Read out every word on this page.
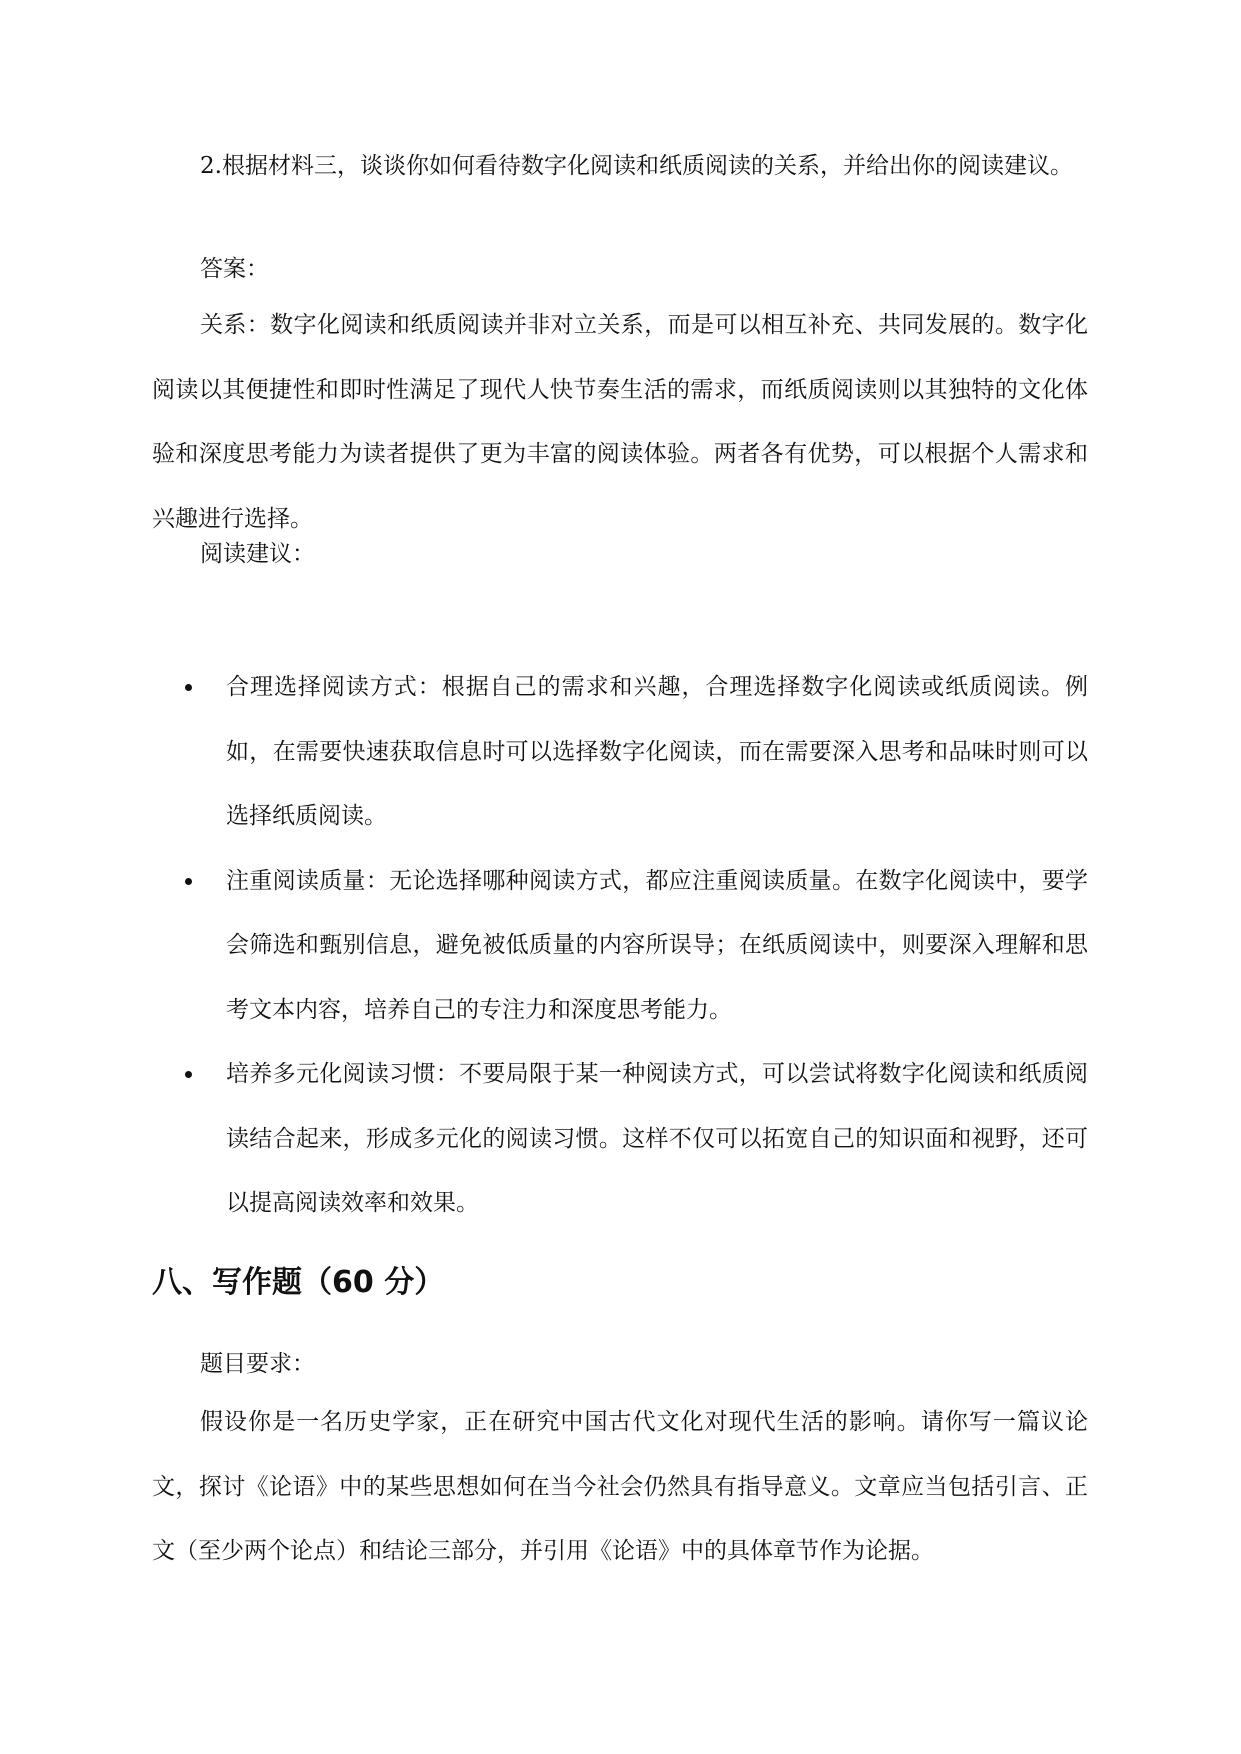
2.根据材料三，谈谈你如何看待数字化阅读和纸质阅读的关系，并给出你的阅读建议。

答案：

关系：数字化阅读和纸质阅读并非对立关系，而是可以相互补充、共同发展的。数字化阅读以其便捷性和即时性满足了现代人快节奏生活的需求，而纸质阅读则以其独特的文化体验和深度思考能力为读者提供了更为丰富的阅读体验。两者各有优势，可以根据个人需求和兴趣进行选择。

阅读建议：

合理选择阅读方式：根据自己的需求和兴趣，合理选择数字化阅读或纸质阅读。例如，在需要快速获取信息时可以选择数字化阅读，而在需要深入思考和品味时则可以选择纸质阅读。
注重阅读质量：无论选择哪种阅读方式，都应注重阅读质量。在数字化阅读中，要学会筛选和甄别信息，避免被低质量的内容所误导；在纸质阅读中，则要深入理解和思考文本内容，培养自己的专注力和深度思考能力。
培养多元化阅读习惯：不要局限于某一种阅读方式，可以尝试将数字化阅读和纸质阅读结合起来，形成多元化的阅读习惯。这样不仅可以拓宽自己的知识面和视野，还可以提高阅读效率和效果。
八、写作题（60 分）

题目要求：

假设你是一名历史学家，正在研究中国古代文化对现代生活的影响。请你写一篇议论文，探讨《论语》中的某些思想如何在当今社会仍然具有指导意义。文章应当包括引言、正文（至少两个论点）和结论三部分，并引用《论语》中的具体章节作为论据。
